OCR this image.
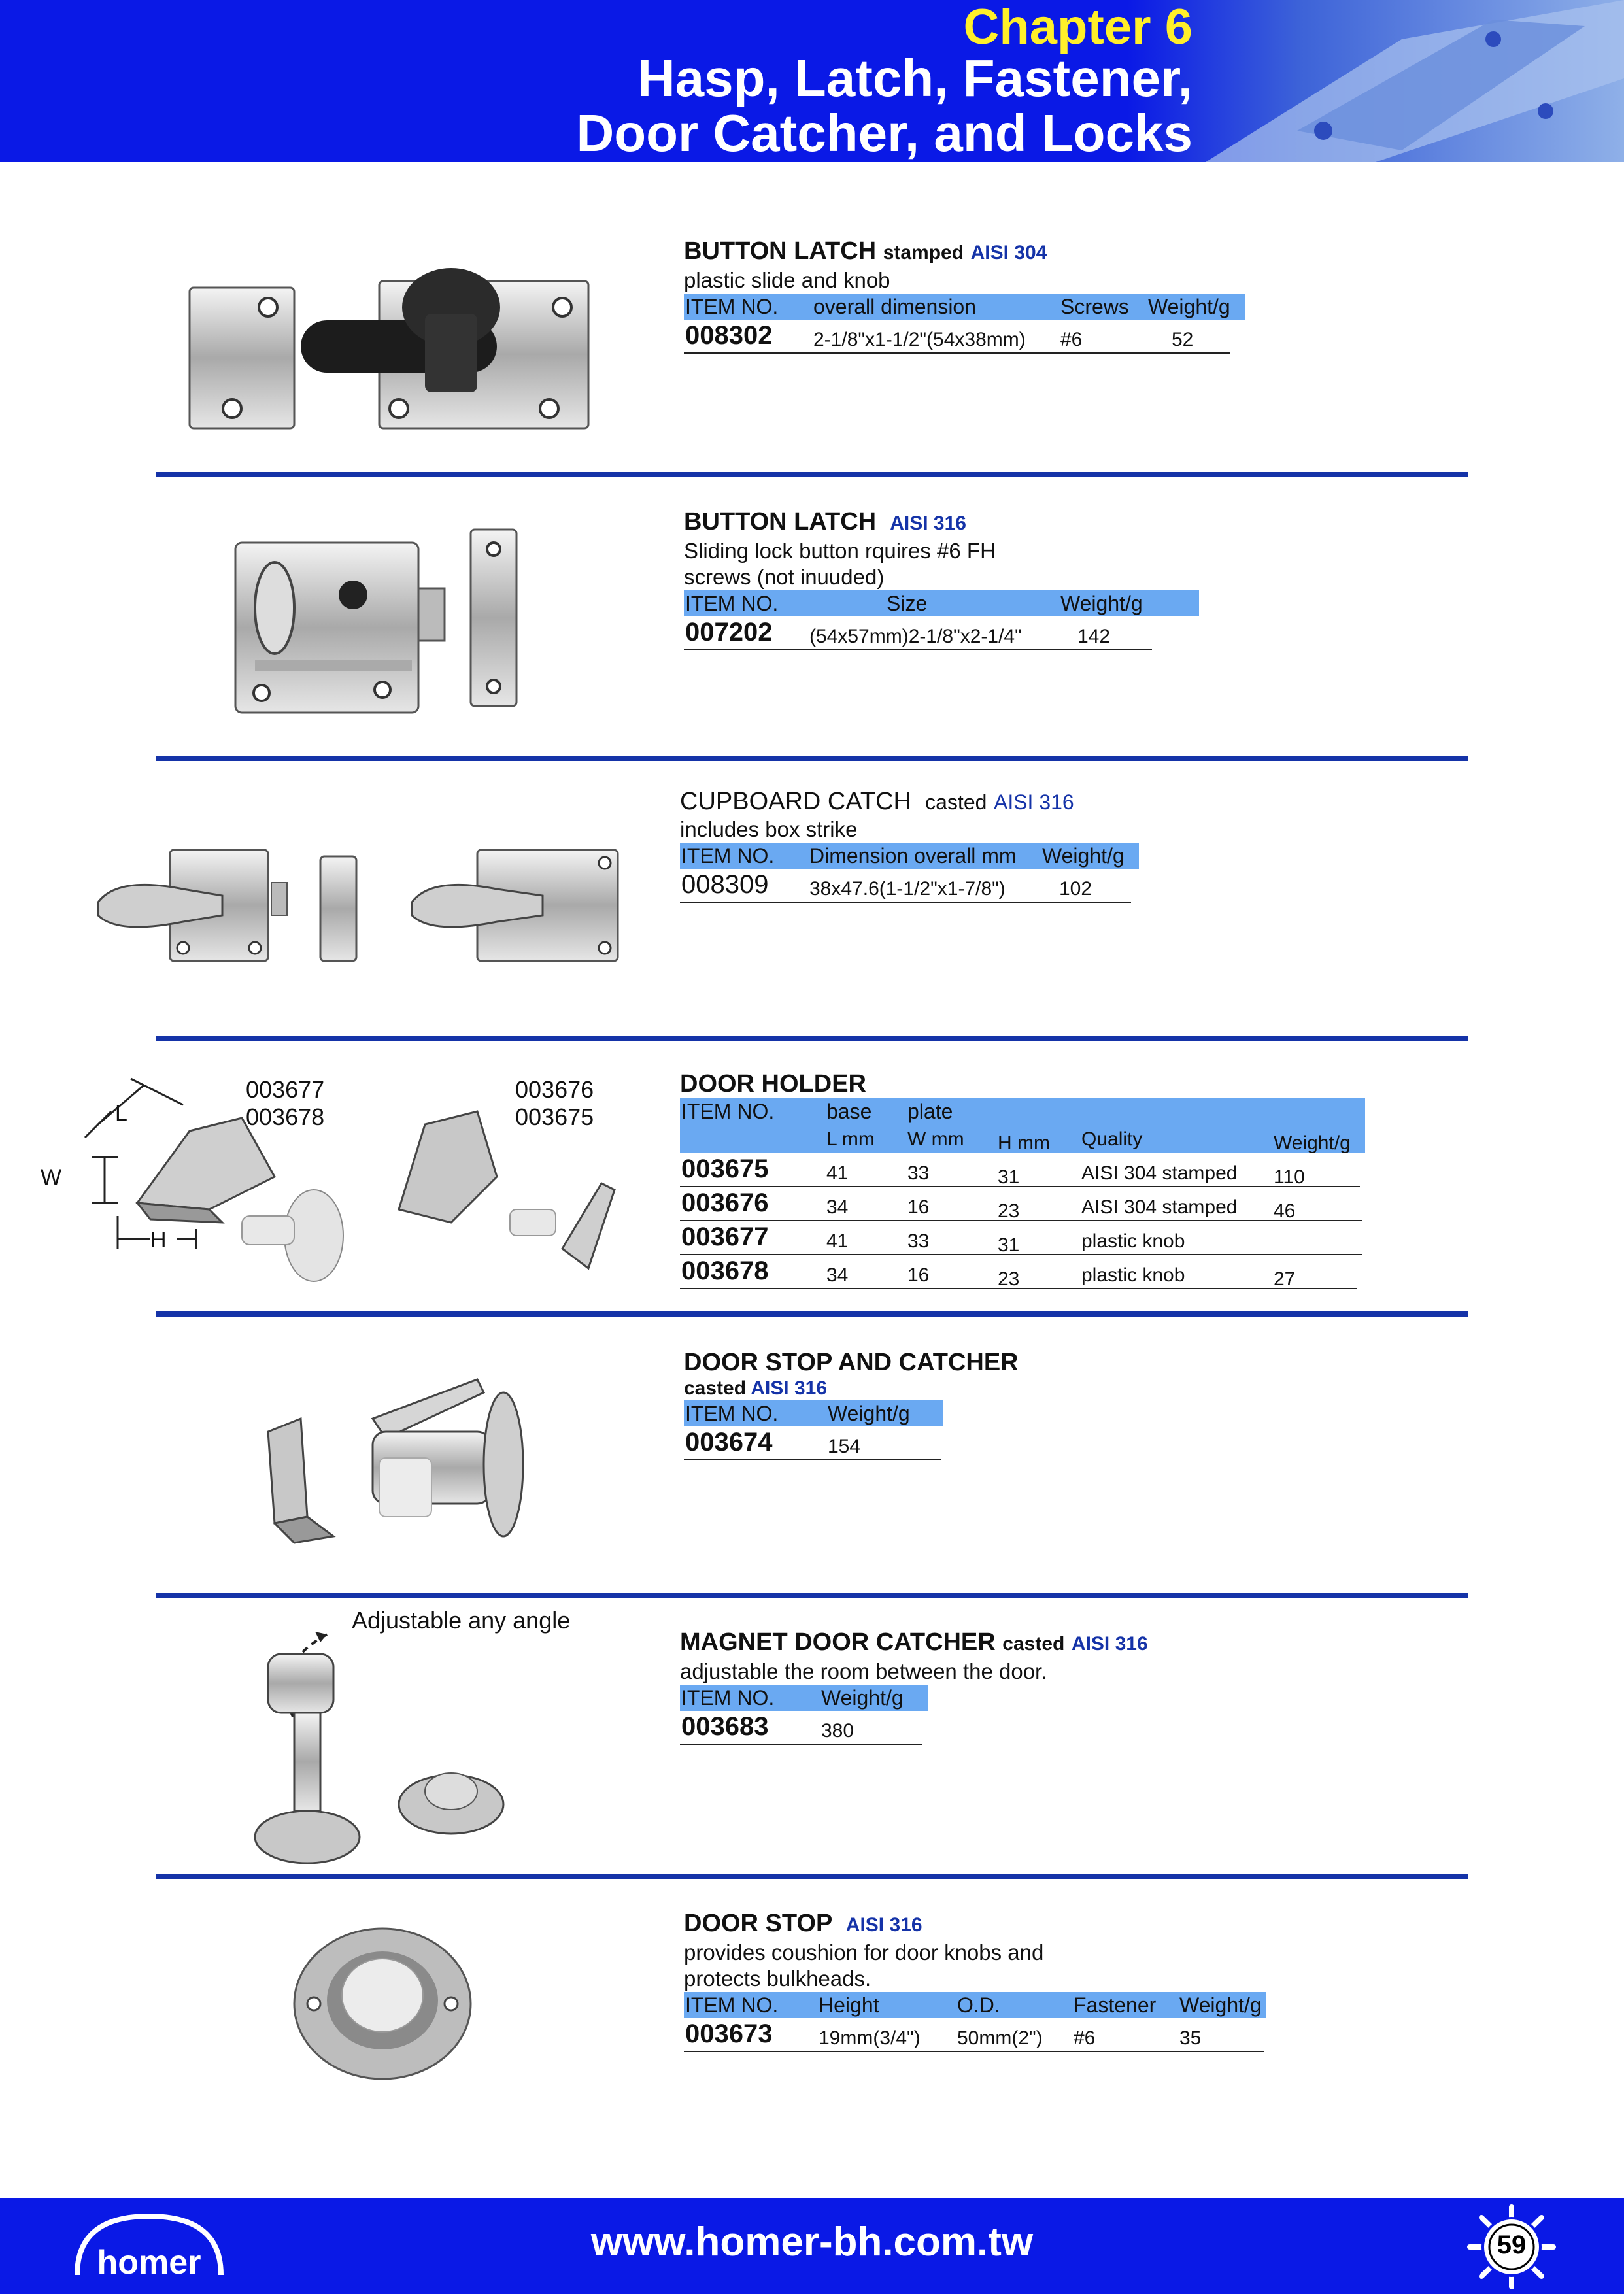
Chapter 6
Hasp, Latch, Fastener,
Door Catcher, and Locks
BUTTON LATCH stamped AISI 304
plastic slide and knob
ITEM NO. overall dimension	Screws Weight/g
008302 2-1/8"x1-1/2"(54x38mm) #6	52
BUTTON LATCH AISI 316
Sliding lock button rquires #6 FH
screws (not inuuded)
ITEM NO.	Size	Weight/g
007202 (54x57mm)2-1/8"x2-1/4"	142
CUPBOARD CATCH casted AISI 316
includes box strike
ITEM NO. Dimension overall mm Weight/g
008309 38x47.6(1-1/2"x1-7/8")	102
003677
003678
003676
003675
W
L
H
DOOR HOLDER
ITEM NO. base plate
L mm W mm H mm Quality	Weight/g
003675	41	33	31	AISI 304 stamped 110
003676	34	16	23	AISI 304 stamped 46
003677	41	33	31	plastic knob
003678	34	16	23	plastic knob	27
DOOR STOP AND CATCHER
casted AISI 316
ITEM NO. Weight/g
003674	154
Adjustable any angle
MAGNET DOOR CATCHER casted AISI 316
adjustable the room between the door.
ITEM NO. Weight/g
003683	380
DOOR STOP AISI 316
provides coushion for door knobs and
protects bulkheads.
ITEM NO. Height	O.D.	Fastener Weight/g
003673 19mm(3/4") 50mm(2") #6	35
homer	www.homer-bh.com.tw	59
